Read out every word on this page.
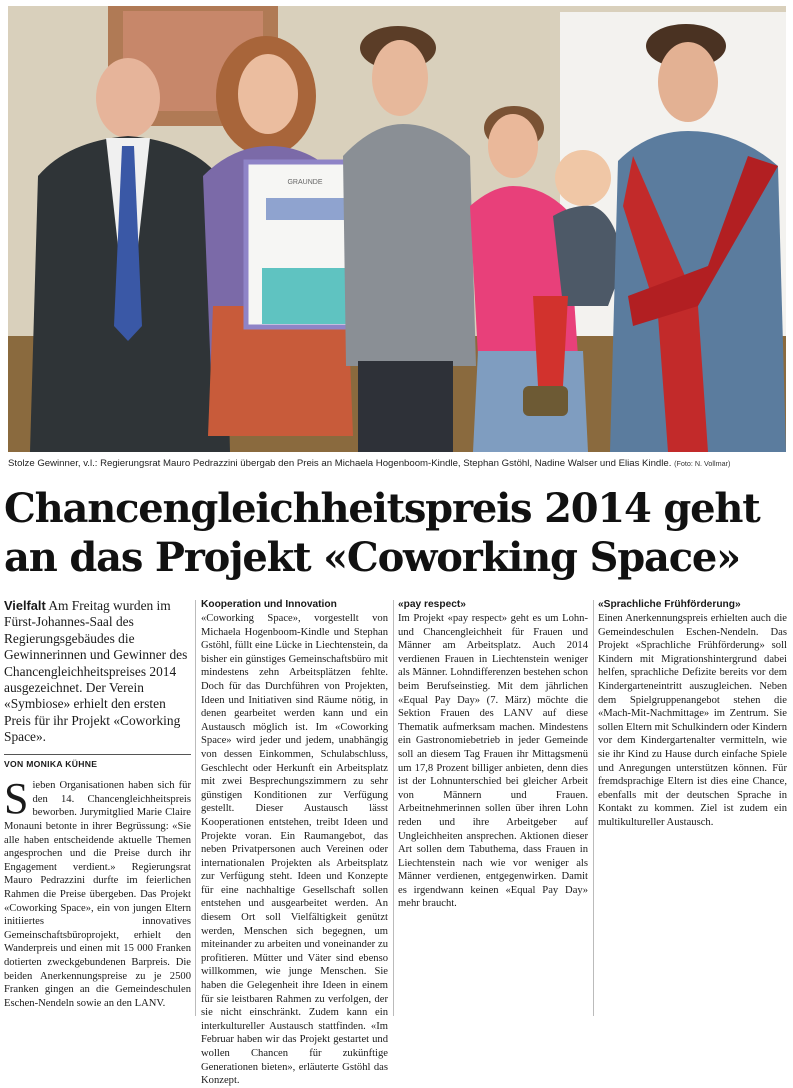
GRAUNDE
Stolze Gewinner, v.l.: Regierungsrat Mauro Pedrazzini übergab den Preis an Michaela Hogenboom-Kindle, Stephan Gstöhl, Nadine Walser und Elias Kindle. (Foto: N. Vollmar)
Chancengleichheitspreis 2014 geht
an das Projekt «Coworking Space»

Vielfalt Am Freitag wurden im Fürst-Johannes-Saal des Regierungsgebäudes die Gewinnerinnen und Gewinner des Chancengleichheitspreises 2014 ausgezeichnet. Der Verein «Symbiose» erhielt den ersten Preis für ihr Projekt «Coworking Space».

VON MONIKA KÜHNE

Sieben Organisationen haben sich für den 14. Chancengleichheitspreis beworben. Jurymitglied Marie Claire Monauni betonte in ihrer Begrüssung: «Sie alle haben entscheidende aktuelle Themen angesprochen und die Preise durch ihr Engagement verdient.» Regierungsrat Mauro Pedrazzini durfte im feierlichen Rahmen die Preise übergeben. Das Projekt «Coworking Space», ein von jungen Eltern initiiertes innovatives Gemeinschaftsbüroprojekt, erhielt den Wanderpreis und einen mit 15 000 Franken dotierten zweckgebundenen Barpreis. Die beiden Anerkennungspreise zu je 2500 Franken gingen an die Gemeindeschulen Eschen-Nendeln sowie an den LANV.

Kooperation und Innovation

«Coworking Space», vorgestellt von Michaela Hogenboom-Kindle und Stephan Gstöhl, füllt eine Lücke in Liechtenstein, da bisher ein günstiges Gemeinschaftsbüro mit mindestens zehn Arbeitsplätzen fehlte. Doch für das Durchführen von Projekten, Ideen und Initiativen sind Räume nötig, in denen gearbeitet werden kann und ein Austausch möglich ist. Im «Coworking Space» wird jeder und jedem, unabhängig von dessen Einkommen, Schulabschluss, Geschlecht oder Herkunft ein Arbeitsplatz mit zwei Besprechungszimmern zu sehr günstigen Konditionen zur Verfügung gestellt. Dieser Austausch lässt Kooperationen entstehen, treibt Ideen und Projekte voran. Ein Raumangebot, das neben Privatpersonen auch Vereinen oder internationalen Projekten als Arbeitsplatz zur Verfügung steht. Ideen und Konzepte für eine nachhaltige Gesellschaft sollen entstehen und ausgearbeitet werden. An diesem Ort soll Vielfältigkeit genützt werden, Menschen sich begegnen, um miteinander zu arbeiten und voneinander zu profitieren. Mütter und Väter sind ebenso willkommen, wie junge Menschen. Sie haben die Gelegenheit ihre Ideen in einem für sie leistbaren Rahmen zu verfolgen, der sie nicht einschränkt. Zudem kann ein interkultureller Austausch stattfinden. «Im Februar haben wir das Projekt gestartet und wollen Chancen für zukünftige Generationen bieten», erläuterte Gstöhl das Konzept.

«pay respect»

Im Projekt «pay respect» geht es um Lohn- und Chancengleichheit für Frauen und Männer am Arbeitsplatz. Auch 2014 verdienen Frauen in Liechtenstein weniger als Männer. Lohndifferenzen bestehen schon beim Berufseinstieg. Mit dem jährlichen «Equal Pay Day» (7. März) möchte die Sektion Frauen des LANV auf diese Thematik aufmerksam machen. Mindestens ein Gastronomiebetrieb in jeder Gemeinde soll an diesem Tag Frauen ihr Mittagsmenü um 17,8 Prozent billiger anbieten, denn dies ist der Lohnunterschied bei gleicher Arbeit von Männern und Frauen. Arbeitnehmerinnen sollen über ihren Lohn reden und ihre Arbeitgeber auf Ungleichheiten ansprechen. Aktionen dieser Art sollen dem Tabuthema, dass Frauen in Liechtenstein nach wie vor weniger als Männer verdienen, entgegenwirken. Damit es irgendwann keinen «Equal Pay Day» mehr braucht.

«Sprachliche Frühförderung»

Einen Anerkennungspreis erhielten auch die Gemeindeschulen Eschen-Nendeln. Das Projekt «Sprachliche Frühförderung» soll Kindern mit Migrationshintergrund dabei helfen, sprachliche Defizite bereits vor dem Kindergarteneintritt auszugleichen. Neben dem Spielgruppenangebot stehen die «Mach-Mit-Nachmittage» im Zentrum. Sie sollen Eltern mit Schulkindern oder Kindern vor dem Kindergartenalter vermitteln, wie sie ihr Kind zu Hause durch einfache Spiele und Anregungen unterstützen können. Für fremdsprachige Eltern ist dies eine Chance, ebenfalls mit der deutschen Sprache in Kontakt zu kommen. Ziel ist zudem ein multikultureller Austausch.
